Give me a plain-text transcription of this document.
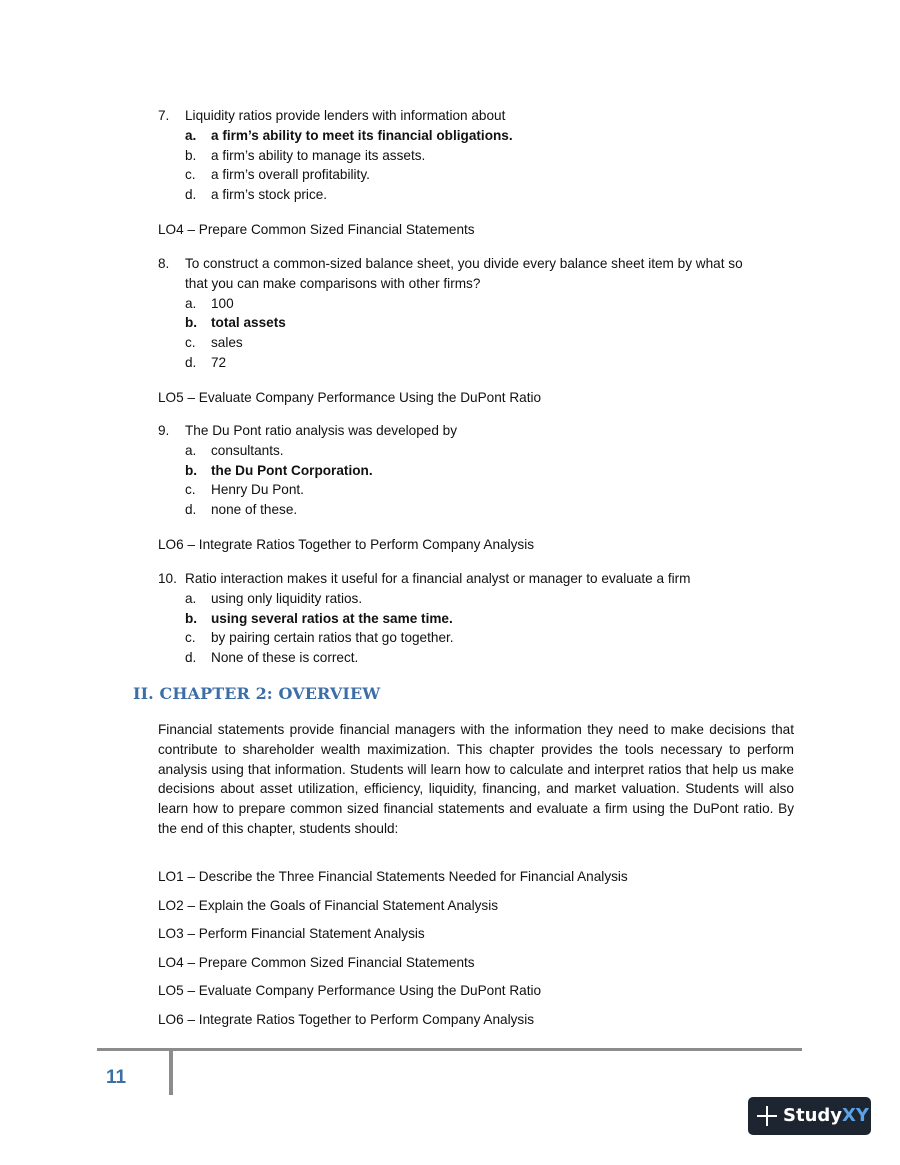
7.	Liquidity ratios provide lenders with information about
a.	a firm’s ability to meet its financial obligations.
b.	a firm’s ability to manage its assets.
c.	a firm’s overall profitability.
d.	a firm’s stock price.
LO4 – Prepare Common Sized Financial Statements
8.	To construct a common-sized balance sheet, you divide every balance sheet item by what so
that you can make comparisons with other firms?
a.	100
b.	total assets
c.	sales
d.	72
LO5 – Evaluate Company Performance Using the DuPont Ratio
9.	The Du Pont ratio analysis was developed by
a.	consultants.
b.	the Du Pont Corporation.
c.	Henry Du Pont.
d.	none of these.
LO6 – Integrate Ratios Together to Perform Company Analysis
10. Ratio interaction makes it useful for a financial analyst or manager to evaluate a firm
a.	using only liquidity ratios.
b.	using several ratios at the same time.
c.	by pairing certain ratios that go together.
d.	None of these is correct.
II. CHAPTER 2: OVERVIEW

Financial statements provide financial managers with the information they need to make decisions that contribute to shareholder wealth maximization. This chapter provides the tools necessary to perform analysis using that information. Students will learn how to calculate and interpret ratios that help us make decisions about asset utilization, efficiency, liquidity, financing, and market valuation. Students will also learn how to prepare common sized financial statements and evaluate a firm using the DuPont ratio. By the end of this chapter, students should:

LO1 – Describe the Three Financial Statements Needed for Financial Analysis
LO2 – Explain the Goals of Financial Statement Analysis
LO3 – Perform Financial Statement Analysis
LO4 – Prepare Common Sized Financial Statements
LO5 – Evaluate Company Performance Using the DuPont Ratio
LO6 – Integrate Ratios Together to Perform Company Analysis
11
Study XY
